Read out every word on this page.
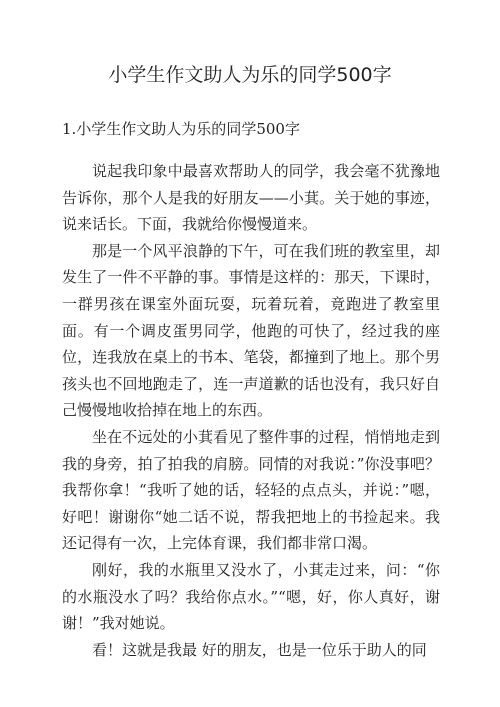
小学生作文助人为乐的同学500字
1.小学生作文助人为乐的同学500字

说起我印象中最喜欢帮助人的同学，我会毫不犹豫地告诉你，那个人是我的好朋友——小萁。关于她的事迹，说来话长。下面，我就给你慢慢道来。

那是一个风平浪静的下午，可在我们班的教室里，却发生了一件不平静的事。事情是这样的：那天，下课时，一群男孩在课室外面玩耍，玩着玩着，竟跑进了教室里面。有一个调皮蛋男同学，他跑的可快了，经过我的座位，连我放在桌上的书本、笔袋，都撞到了地上。那个男孩头也不回地跑走了，连一声道歉的话也没有，我只好自己慢慢地收拾掉在地上的东西。

坐在不远处的小萁看见了整件事的过程，悄悄地走到我的身旁，拍了拍我的肩膀。同情的对我说：”你没事吧？我帮你拿！“我听了她的话，轻轻的点点头，并说：”嗯，好吧！谢谢你“她二话不说，帮我把地上的书捡起来。我还记得有一次，上完体育课，我们都非常口渴。

刚好，我的水瓶里又没水了，小萁走过来，问：“你的水瓶没水了吗？我给你点水。”“嗯，好，你人真好，谢谢！”我对她说。

看！这就是我最 好的朋友，也是一位乐于助人的同
